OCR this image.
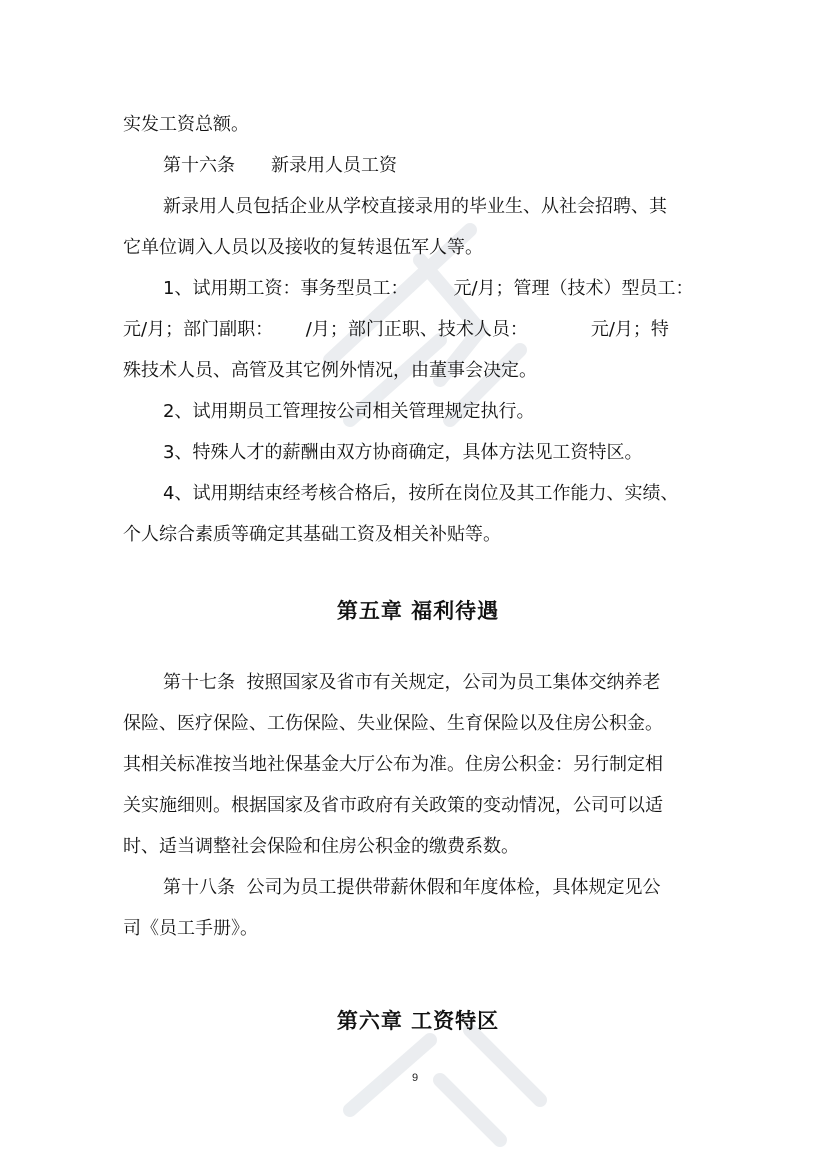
实发工资总额。
第十六条　　新录用人员工资
新录用人员包括企业从学校直接录用的毕业生、从社会招聘、其
它单位调入人员以及接收的复转退伍军人等。
1、试用期工资：事务型员工：　　　元/月；管理（技术）型员工：
元/月；部门副职：　　 /月；部门正职、技术人员：　　　　元/月；特
殊技术人员、高管及其它例外情况，由董事会决定。
2、试用期员工管理按公司相关管理规定执行。
3、特殊人才的薪酬由双方协商确定，具体方法见工资特区。
4、试用期结束经考核合格后，按所在岗位及其工作能力、实绩、
个人综合素质等确定其基础工资及相关补贴等。
第五章 福利待遇
第十七条  按照国家及省市有关规定，公司为员工集体交纳养老
保险、医疗保险、工伤保险、失业保险、生育保险以及住房公积金。
其相关标准按当地社保基金大厅公布为准。住房公积金：另行制定相
关实施细则。根据国家及省市政府有关政策的变动情况，公司可以适
时、适当调整社会保险和住房公积金的缴费系数。
第十八条  公司为员工提供带薪休假和年度体检，具体规定见公
司《员工手册》。
第六章 工资特区
9
